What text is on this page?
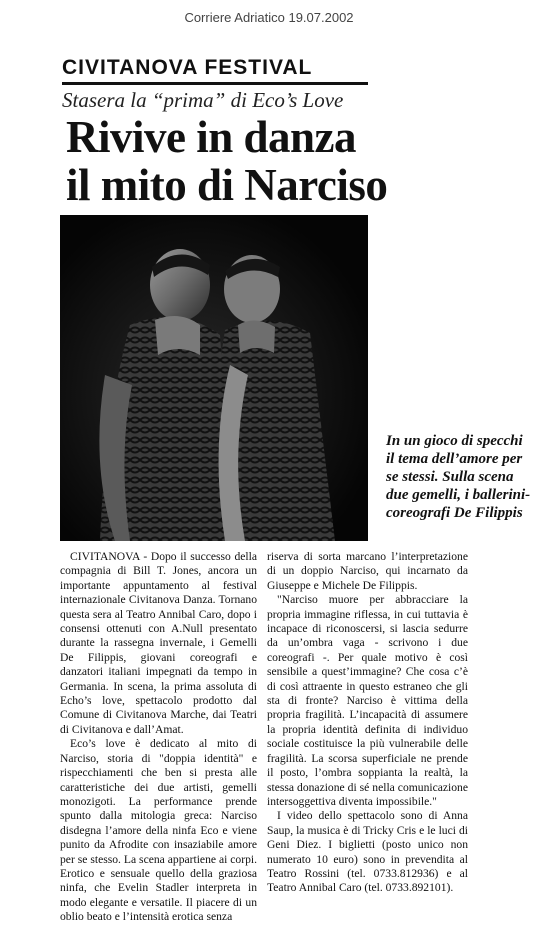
Corriere Adriatico 19.07.2002
CIVITANOVA FESTIVAL
Stasera la “prima” di Eco’s Love
Rivive in danza
il mito di Narciso
In un gioco di specchi il tema dell’amore per se stessi. Sulla scena due gemelli, i ballerini-coreografi De Filippis

CIVITANOVA - Dopo il successo della compagnia di Bill T. Jones, ancora un importante appuntamento al festival internazionale Civitanova Danza. Tornano questa sera al Teatro Annibal Caro, dopo i consensi ottenuti con A.Null presentato durante la rassegna invernale, i Gemelli De Filippis, giovani coreografi e danzatori italiani impegnati da tempo in Germania. In scena, la prima assoluta di Echo’s love, spettacolo prodotto dal Comune di Civitanova Marche, dai Teatri di Civitanova e dall’Amat.

Eco’s love è dedicato al mito di Narciso, storia di "doppia identità" e rispecchiamenti che ben si presta alle caratteristiche dei due artisti, gemelli monozigoti. La performance prende spunto dalla mitologia greca: Narciso disdegna l’amore della ninfa Eco e viene punito da Afrodite con insaziabile amore per se stesso. La scena appartiene ai corpi. Erotico e sensuale quello della graziosa ninfa, che Evelin Stadler interpreta in modo elegante e versatile. Il piacere di un oblio beato e l’intensità erotica senza

riserva di sorta marcano l’interpretazione di un doppio Narciso, qui incarnato da Giuseppe e Michele De Filippis.

"Narciso muore per abbracciare la propria immagine riflessa, in cui tuttavia è incapace di riconoscersi, si lascia sedurre da un’ombra vaga - scrivono i due coreografi -. Per quale motivo è così sensibile a quest’immagine? Che cosa c’è di così attraente in questo estraneo che gli sta di fronte? Narciso è vittima della propria fragilità. L’incapacità di assumere la propria identità definita di individuo sociale costituisce la più vulnerabile delle fragilità. La scorsa superficiale ne prende il posto, l’ombra soppianta la realtà, la stessa donazione di sé nella comunicazione intersoggettiva diventa impossibile."

I video dello spettacolo sono di Anna Saup, la musica è di Tricky Cris e le luci di Geni Diez. I biglietti (posto unico non numerato 10 euro) sono in prevendita al Teatro Rossini (tel. 0733.812936) e al Teatro Annibal Caro (tel. 0733.892101).
